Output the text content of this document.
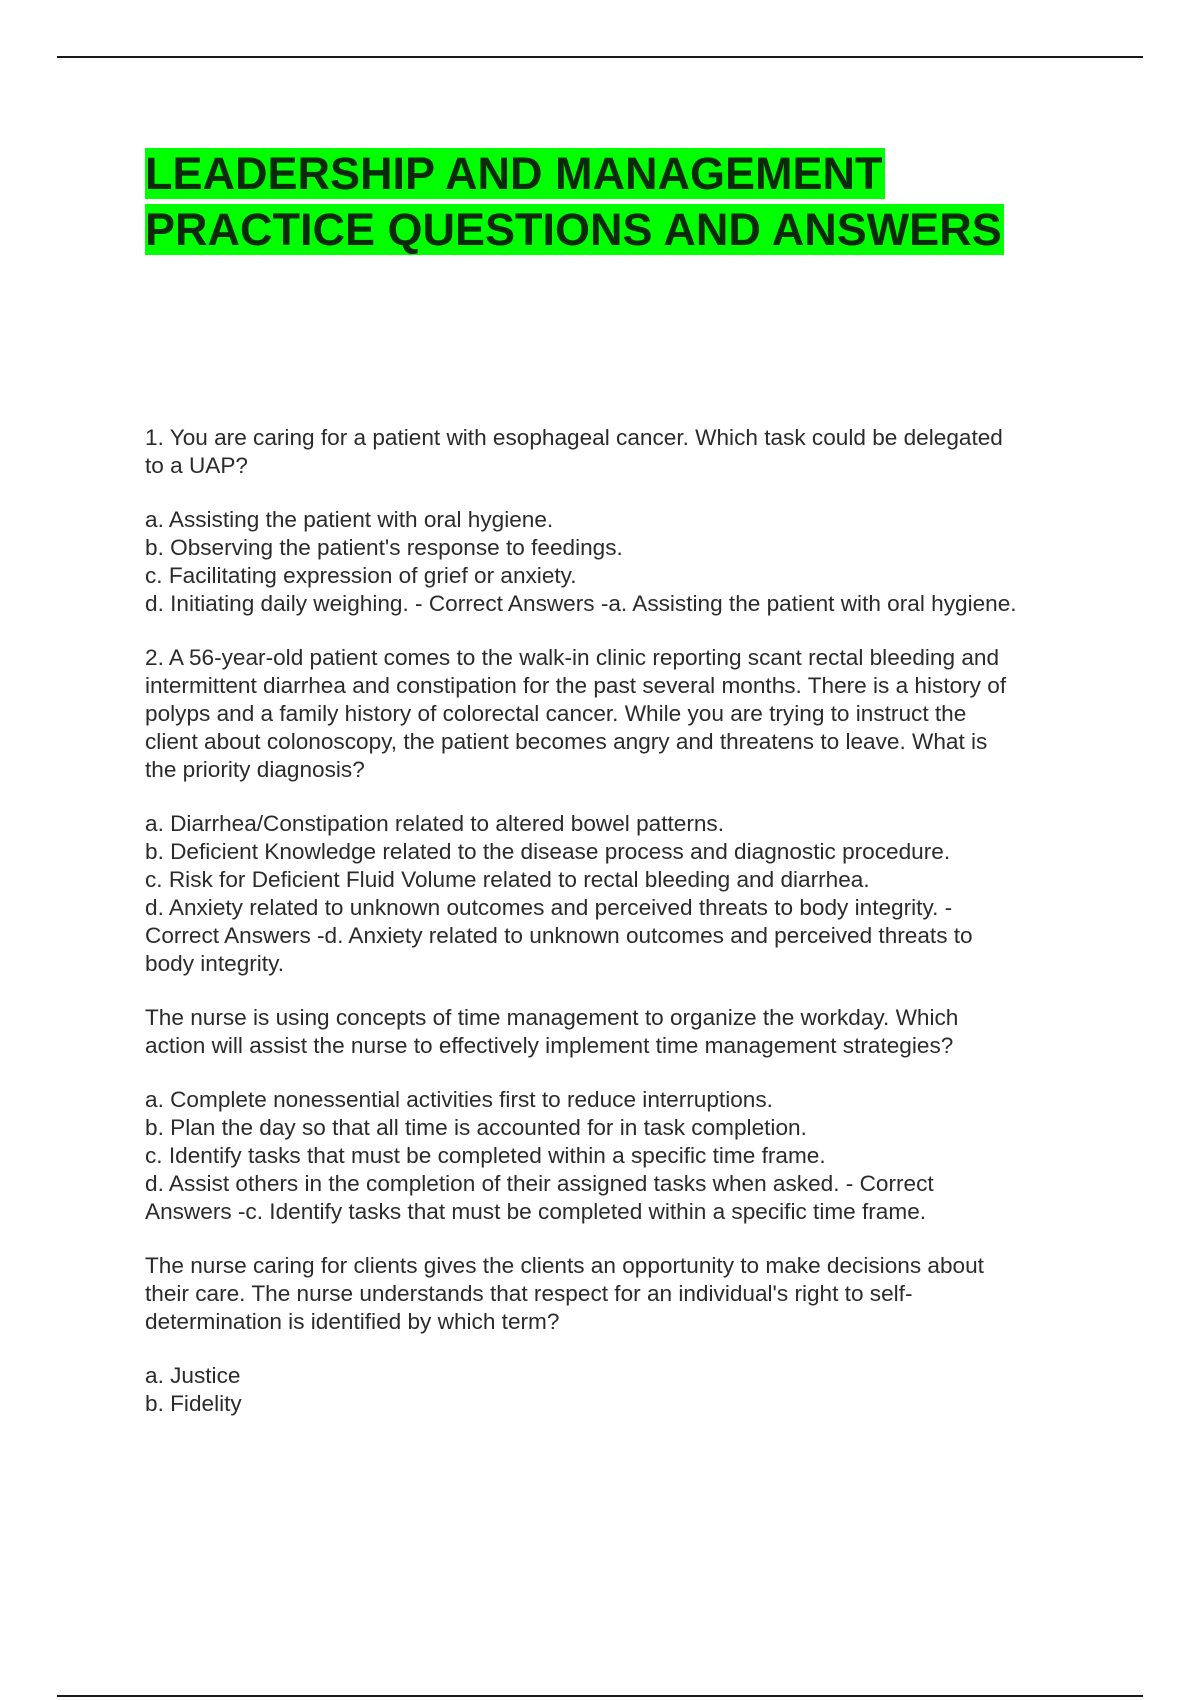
LEADERSHIP AND MANAGEMENT
PRACTICE QUESTIONS AND ANSWERS

1. You are caring for a patient with esophageal cancer. Which task could be delegated
to a UAP?

a. Assisting the patient with oral hygiene.

b. Observing the patient's response to feedings.

c. Facilitating expression of grief or anxiety.

d. Initiating daily weighing. - Correct Answers -a. Assisting the patient with oral hygiene.

2. A 56-year-old patient comes to the walk-in clinic reporting scant rectal bleeding and
intermittent diarrhea and constipation for the past several months. There is a history of
polyps and a family history of colorectal cancer. While you are trying to instruct the
client about colonoscopy, the patient becomes angry and threatens to leave. What is
the priority diagnosis?

a. Diarrhea/Constipation related to altered bowel patterns.

b. Deficient Knowledge related to the disease process and diagnostic procedure.

c. Risk for Deficient Fluid Volume related to rectal bleeding and diarrhea.

d. Anxiety related to unknown outcomes and perceived threats to body integrity. -
Correct Answers -d. Anxiety related to unknown outcomes and perceived threats to
body integrity.

The nurse is using concepts of time management to organize the workday. Which
action will assist the nurse to effectively implement time management strategies?

a. Complete nonessential activities first to reduce interruptions.

b. Plan the day so that all time is accounted for in task completion.

c. Identify tasks that must be completed within a specific time frame.

d. Assist others in the completion of their assigned tasks when asked. - Correct
Answers -c. Identify tasks that must be completed within a specific time frame.

The nurse caring for clients gives the clients an opportunity to make decisions about
their care. The nurse understands that respect for an individual's right to self-
determination is identified by which term?

a. Justice

b. Fidelity
